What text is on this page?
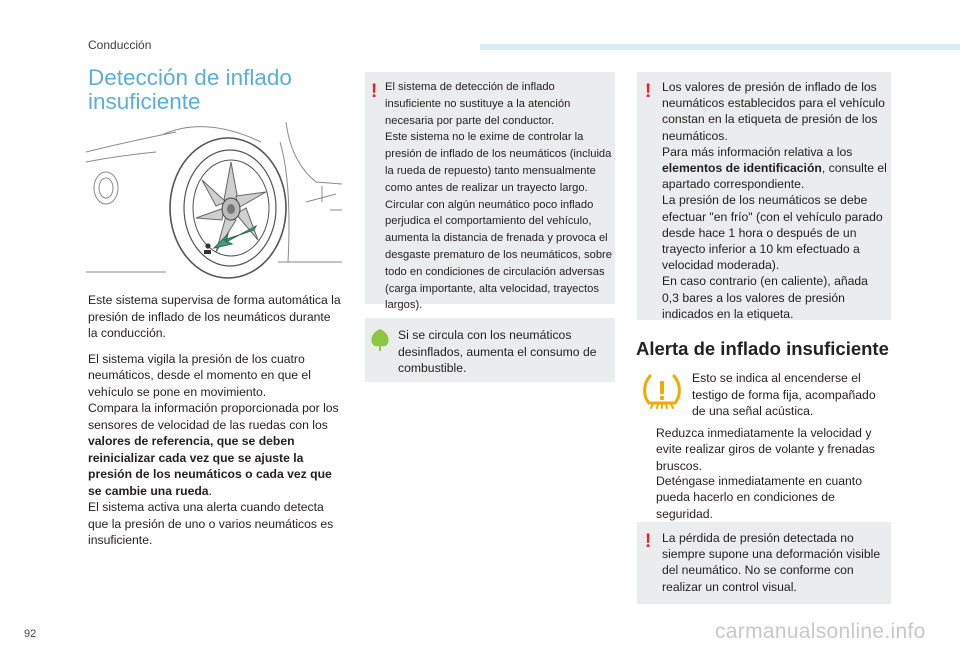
Conducción
Detección de inflado insuficiente

Este sistema supervisa de forma automática la presión de inflado de los neumáticos durante la conducción.

El sistema vigila la presión de los cuatro neumáticos, desde el momento en que el vehículo se pone en movimiento.
Compara la información proporcionada por los sensores de velocidad de las ruedas con los valores de referencia, que se deben reinicializar cada vez que se ajuste la presión de los neumáticos o cada vez que se cambie una rueda.
El sistema activa una alerta cuando detecta que la presión de uno o varios neumáticos es insuficiente.

! El sistema de detección de inflado insuficiente no sustituye a la atención necesaria por parte del conductor.

Este sistema no le exime de controlar la presión de inflado de los neumáticos (incluida la rueda de repuesto) tanto mensualmente como antes de realizar un trayecto largo.

Circular con algún neumático poco inflado perjudica el comportamiento del vehículo, aumenta la distancia de frenada y provoca el desgaste prematuro de los neumáticos, sobre todo en condiciones de circulación adversas (carga importante, alta velocidad, trayectos largos).

Si se circula con los neumáticos desinflados, aumenta el consumo de combustible.
! Los valores de presión de inflado de los neumáticos establecidos para el vehículo constan en la etiqueta de presión de los neumáticos.

Para más información relativa a los elementos de identificación, consulte el apartado correspondiente.

La presión de los neumáticos se debe efectuar "en frío" (con el vehículo parado desde hace 1 hora o después de un trayecto inferior a 10 km efectuado a velocidad moderada).

En caso contrario (en caliente), añada 0,3 bares a los valores de presión indicados en la etiqueta.

Alerta de inflado insuficiente
Esto se indica al encenderse el testigo de forma fija, acompañado de una señal acústica.
Reduzca inmediatamente la velocidad y evite realizar giros de volante y frenadas bruscos.
Deténgase inmediatamente en cuanto pueda hacerlo en condiciones de seguridad.
! La pérdida de presión detectada no siempre supone una deformación visible del neumático. No se conforme con realizar un control visual.
92	carmanualsonline.info
